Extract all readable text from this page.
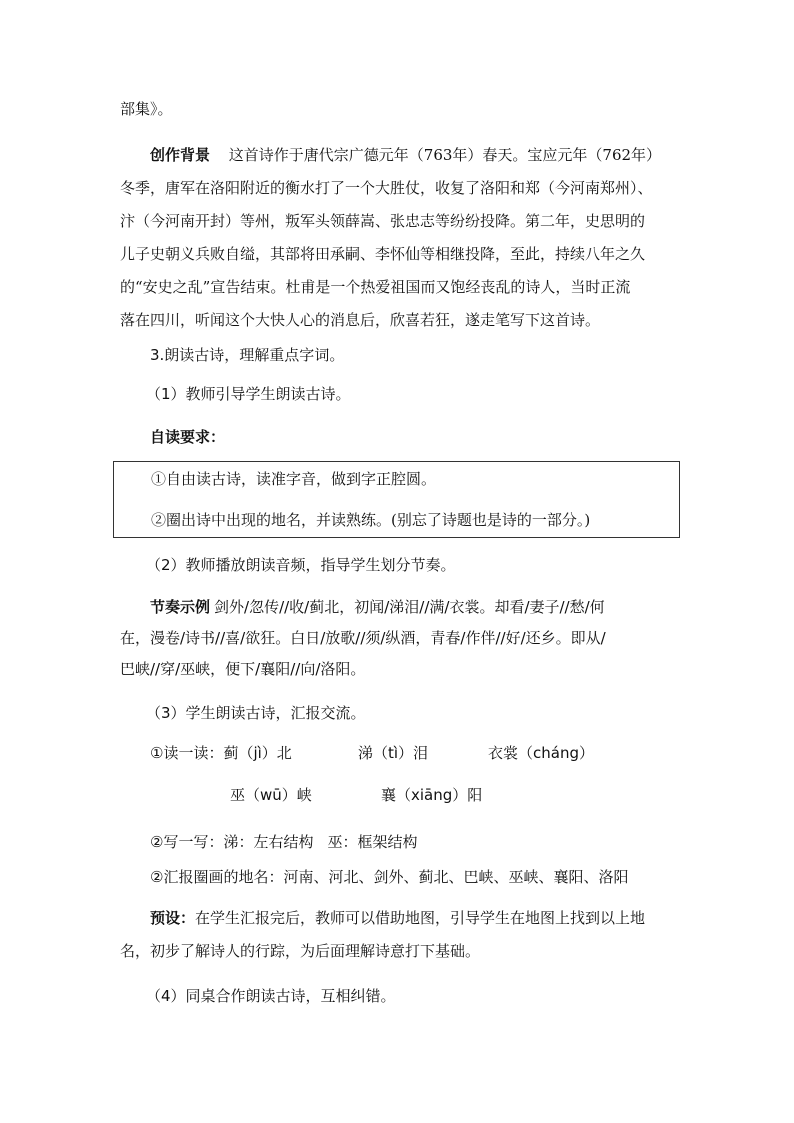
部集》。
创作背景 这首诗作于唐代宗广德元年（763年）春天。宝应元年（762年）
冬季，唐军在洛阳附近的衡水打了一个大胜仗，收复了洛阳和郑（今河南郑州）、
汴（今河南开封）等州，叛军头领薛嵩、张忠志等纷纷投降。第二年，史思明的
儿子史朝义兵败自缢，其部将田承嗣、李怀仙等相继投降，至此，持续八年之久
的“安史之乱”宣告结束。杜甫是一个热爱祖国而又饱经丧乱的诗人，当时正流
落在四川，听闻这个大快人心的消息后，欣喜若狂，遂走笔写下这首诗。
3.朗读古诗，理解重点字词。
（1）教师引导学生朗读古诗。
自读要求：
①自由读古诗，读准字音，做到字正腔圆。
②圈出诗中出现的地名，并读熟练。(别忘了诗题也是诗的一部分。)
（2）教师播放朗读音频，指导学生划分节奏。
节奏示例 剑外/忽传//收/蓟北，初闻/涕泪//满/衣裳。却看/妻子//愁/何
在，漫卷/诗书//喜/欲狂。白日/放歌//须/纵酒，青春/作伴//好/还乡。即从/
巴峡//穿/巫峡，便下/襄阳//向/洛阳。
（3）学生朗读古诗，汇报交流。
①读一读：蓟（jì）北	涕（tì）泪	衣裳（cháng）
巫（wū）峡	襄（xiāng）阳
②写一写：涕：左右结构 巫：框架结构
②汇报圈画的地名：河南、河北、剑外、蓟北、巴峡、巫峡、襄阳、洛阳
预设：在学生汇报完后，教师可以借助地图，引导学生在地图上找到以上地
名，初步了解诗人的行踪，为后面理解诗意打下基础。
（4）同桌合作朗读古诗，互相纠错。
